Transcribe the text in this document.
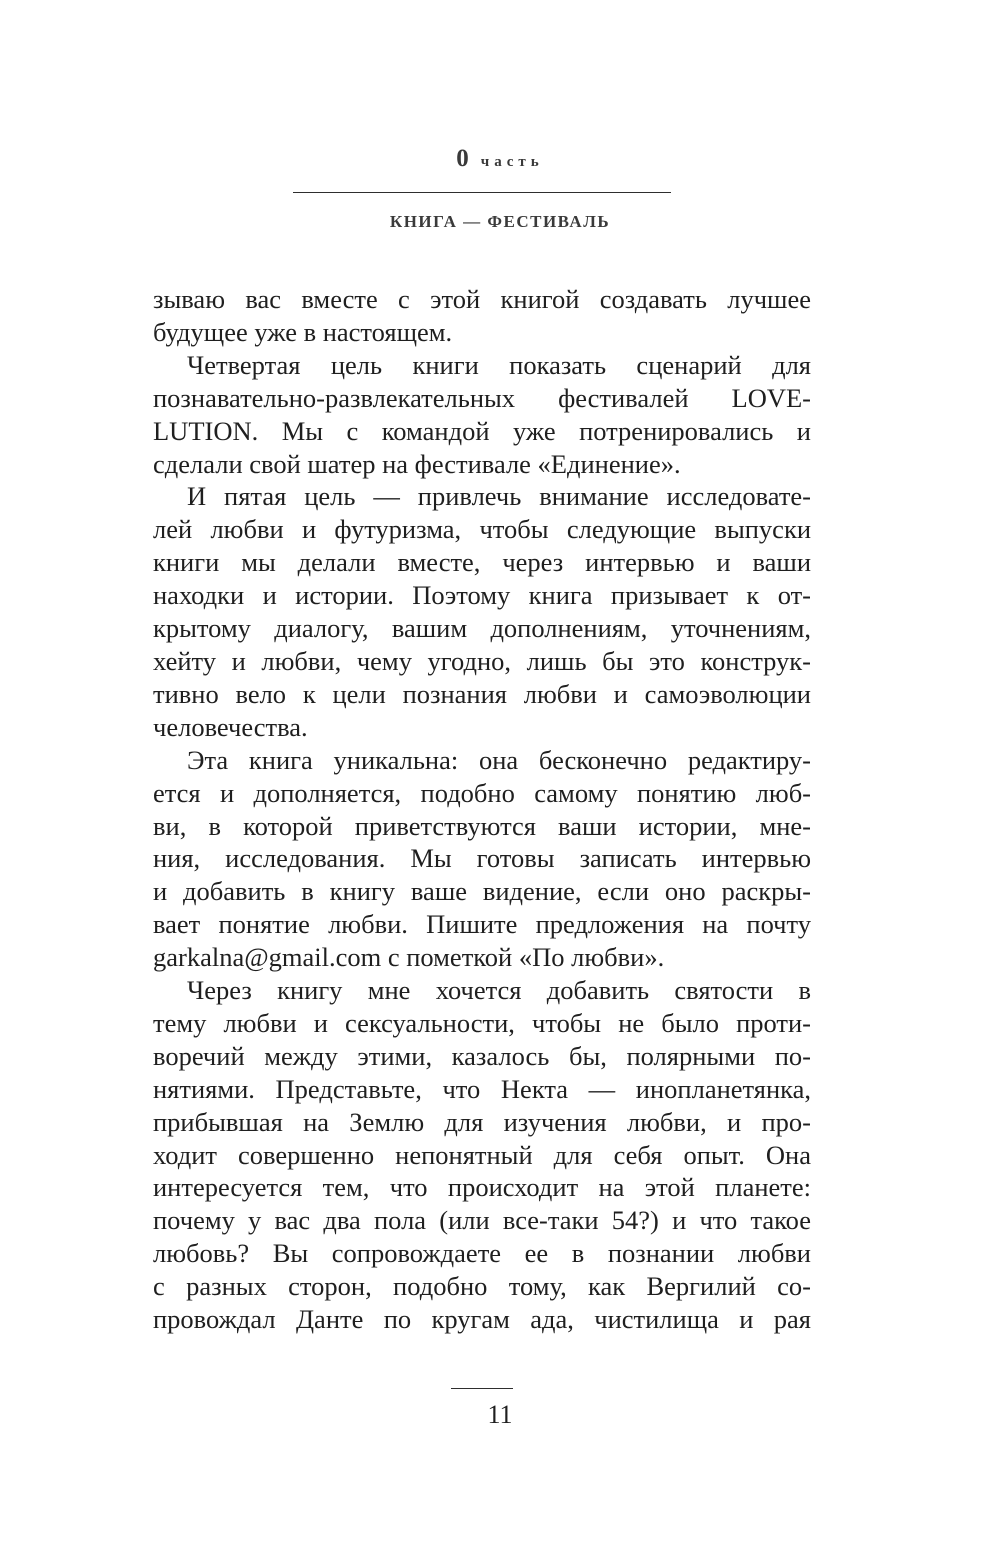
0 часть
КНИГА — ФЕСТИВАЛЬ
зываю вас вместе с этой книгой создавать лучшее
будущее уже в настоящем.
Четвертая цель книги показать сценарий для
познавательно-развлекательных фестивалей LOVE-
LUTION. Мы с командой уже потренировались и
сделали свой шатер на фестивале «Единение».
И пятая цель — привлечь внимание исследовате-
лей любви и футуризма, чтобы следующие выпуски
книги мы делали вместе, через интервью и ваши
находки и истории. Поэтому книга призывает к от-
крытому диалогу, вашим дополнениям, уточнениям,
хейту и любви, чему угодно, лишь бы это конструк-
тивно вело к цели познания любви и самоэволюции
человечества.
Эта книга уникальна: она бесконечно редактиру-
ется и дополняется, подобно самому понятию люб-
ви, в которой приветствуются ваши истории, мне-
ния, исследования. Мы готовы записать интервью
и добавить в книгу ваше видение, если оно раскры-
вает понятие любви. Пишите предложения на почту
garkalna@gmail.com с пометкой «По любви».
Через книгу мне хочется добавить святости в
тему любви и сексуальности, чтобы не было проти-
воречий между этими, казалось бы, полярными по-
нятиями. Представьте, что Некта — инопланетянка,
прибывшая на Землю для изучения любви, и про-
ходит совершенно непонятный для себя опыт. Она
интересуется тем, что происходит на этой планете:
почему у вас два пола (или все-таки 54?) и что такое
любовь? Вы сопровождаете ее в познании любви
с разных сторон, подобно тому, как Вергилий со-
провождал Данте по кругам ада, чистилища и рая
11
